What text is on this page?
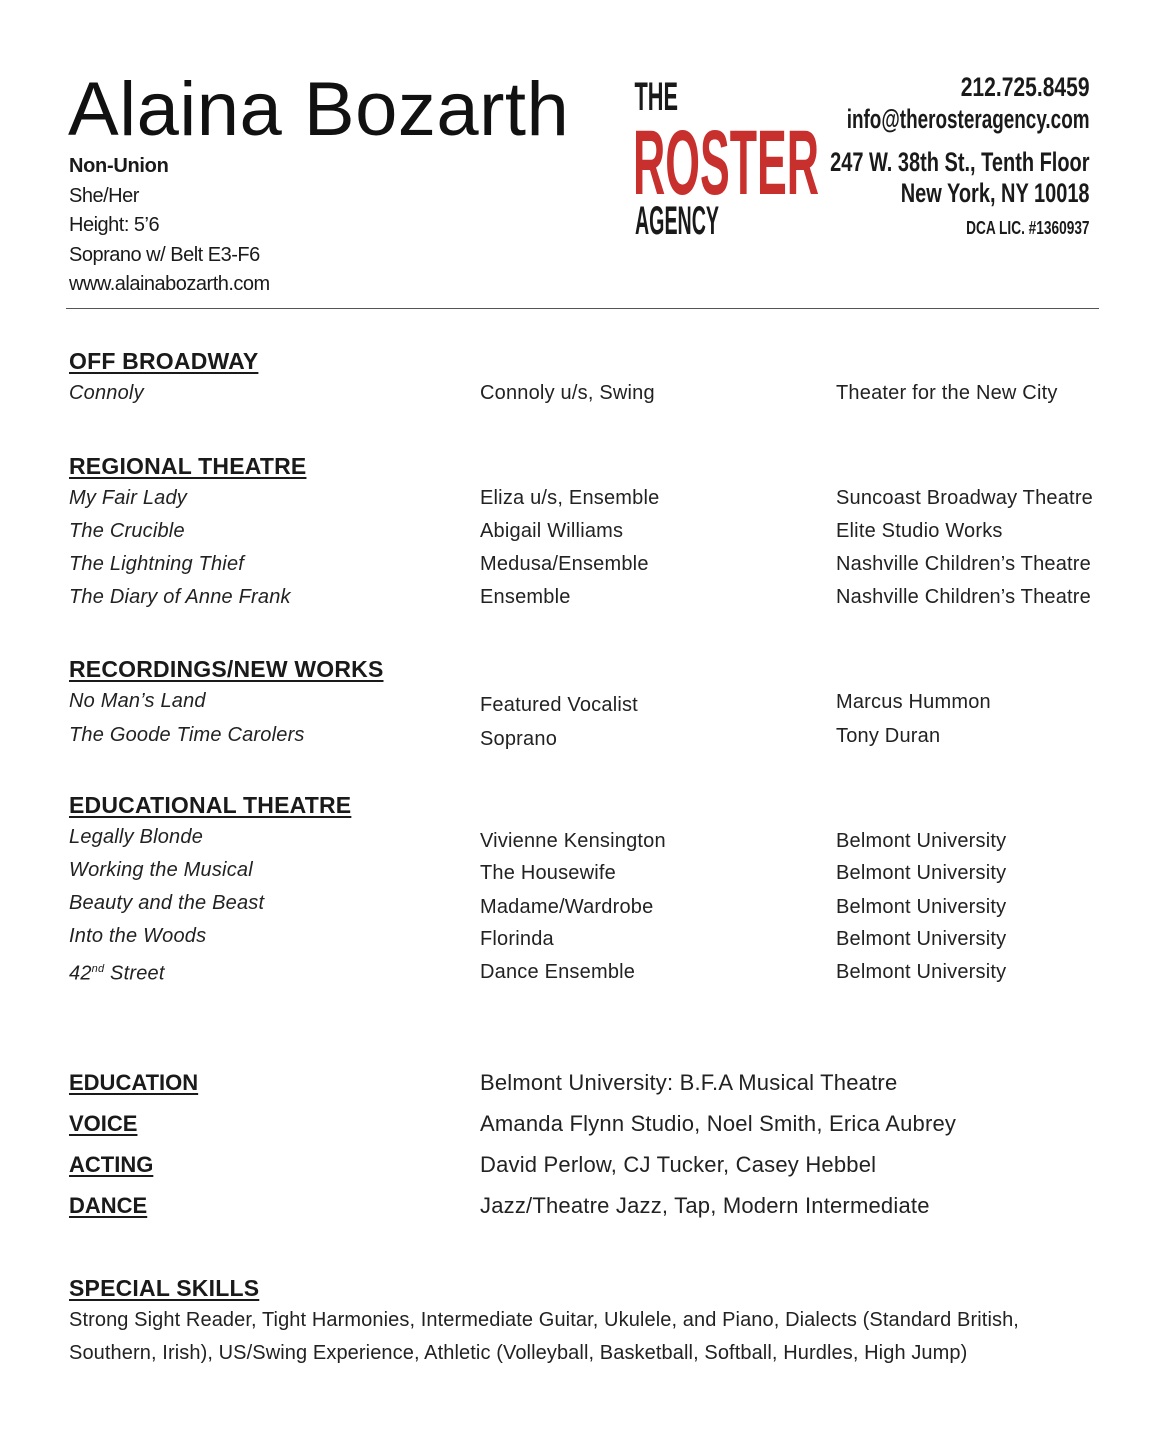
Alaina Bozarth
Non-Union
She/Her
Height: 5’6
Soprano w/ Belt E3-F6
www.alainabozarth.com
THE
ROSTER
AGENCY
212.725.8459
info@therosteragency.com
247 W. 38th St., Tenth Floor
New York, NY 10018
DCA LIC. #1360937
OFF BROADWAY
Connoly	Connoly u/s, Swing	Theater for the New City
REGIONAL THEATRE
My Fair Lady	Eliza u/s, Ensemble	Suncoast Broadway Theatre
The Crucible	Abigail Williams	Elite Studio Works
The Lightning Thief	Medusa/Ensemble	Nashville Children’s Theatre
The Diary of Anne Frank	Ensemble	Nashville Children’s Theatre
RECORDINGS/NEW WORKS
No Man’s Land	Featured Vocalist	Marcus Hummon
The Goode Time Carolers	Soprano	Tony Duran
EDUCATIONAL THEATRE
Legally Blonde	Vivienne Kensington	Belmont University
Working the Musical	The Housewife	Belmont University
Beauty and the Beast	Madame/Wardrobe	Belmont University
Into the Woods	Florinda	Belmont University
42nd Street	Dance Ensemble	Belmont University
EDUCATION	Belmont University: B.F.A Musical Theatre
VOICE	Amanda Flynn Studio, Noel Smith, Erica Aubrey
ACTING	David Perlow, CJ Tucker, Casey Hebbel
DANCE	Jazz/Theatre Jazz, Tap, Modern Intermediate
SPECIAL SKILLS
Strong Sight Reader, Tight Harmonies, Intermediate Guitar, Ukulele, and Piano, Dialects (Standard British,
Southern, Irish), US/Swing Experience, Athletic (Volleyball, Basketball, Softball, Hurdles, High Jump)
